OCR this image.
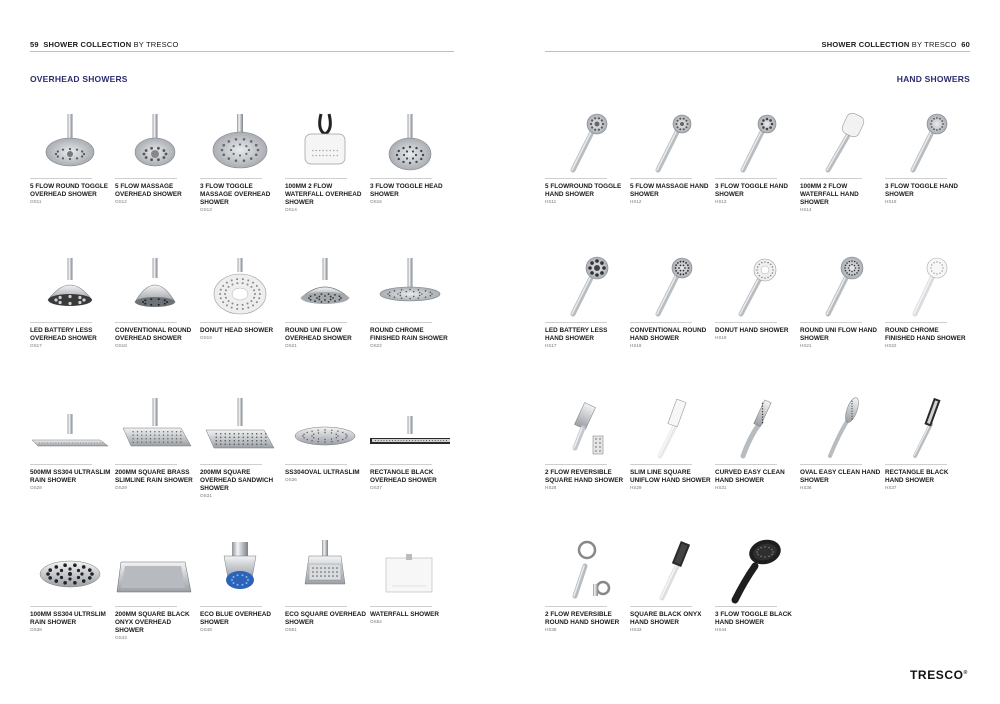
59 SHOWER COLLECTION BY TRESCO
OVERHEAD SHOWERS
SHOWER COLLECTION BY TRESCO 60
HAND SHOWERS
5 FLOW ROUND TOGGLE OVERHEAD SHOWER
OS11
5 FLOW MASSAGE OVERHEAD SHOWER
OS12
3 FLOW TOGGLE MASSAGE OVERHEAD SHOWER
OS13
100MM 2 FLOW WATERFALL OVERHEAD SHOWER
OS14
3 FLOW TOGGLE HEAD SHOWER
OS16
LED BATTERY LESS OVERHEAD SHOWER
OS17
CONVENTIONAL ROUND OVERHEAD SHOWER
OS18
DONUT HEAD SHOWER
OS19
ROUND UNI FLOW OVERHEAD SHOWER
OS21
ROUND CHROME FINISHED RAIN SHOWER
OS22
500MM SS304 ULTRASLIM RAIN SHOWER
OS28
200MM SQUARE BRASS SLIMLINE RAIN SHOWER
OS29
200MM SQUARE OVERHEAD SANDWICH SHOWER
OS31
SS304OVAL ULTRASLIM
OS36
RECTANGLE BLACK OVERHEAD SHOWER
OS37
100MM SS304 ULTRSLIM RAIN SHOWER
OS38
200MM SQUARE BLACK ONYX OVERHEAD SHOWER
OS43
ECO BLUE OVERHEAD SHOWER
OS48
ECO SQUARE OVERHEAD SHOWER
OS51
WATERFALL SHOWER
OS52
5 FLOWROUND TOGGLE HAND SHOWER
HS11
5 FLOW MASSAGE HAND SHOWER
HS12
3 FLOW TOGGLE HAND SHOWER
HS13
100MM 2 FLOW WATERFALL HAND SHOWER
HS14
3 FLOW TOGGLE HAND SHOWER
HS16
LED BATTERY LESS HAND SHOWER
HS17
CONVENTIONAL ROUND HAND SHOWER
HS18
DONUT HAND SHOWER
HS19
ROUND UNI FLOW HAND SHOWER
HS21
ROUND CHROME FINISHED HAND SHOWER
HS22
2 FLOW REVERSIBLE SQUARE HAND SHOWER
HS28
SLIM LINE SQUARE UNIFLOW HAND SHOWER
HS29
CURVED EASY CLEAN HAND SHOWER
HS31
OVAL EASY CLEAN HAND SHOWER
HS36
RECTANGLE BLACK HAND SHOWER
HS37
2 FLOW REVERSIBLE ROUND HAND SHOWER
HS38
SQUARE BLACK ONYX HAND SHOWER
HS43
3 FLOW TOGGLE BLACK HAND SHOWER
HS44
TRESCO®
